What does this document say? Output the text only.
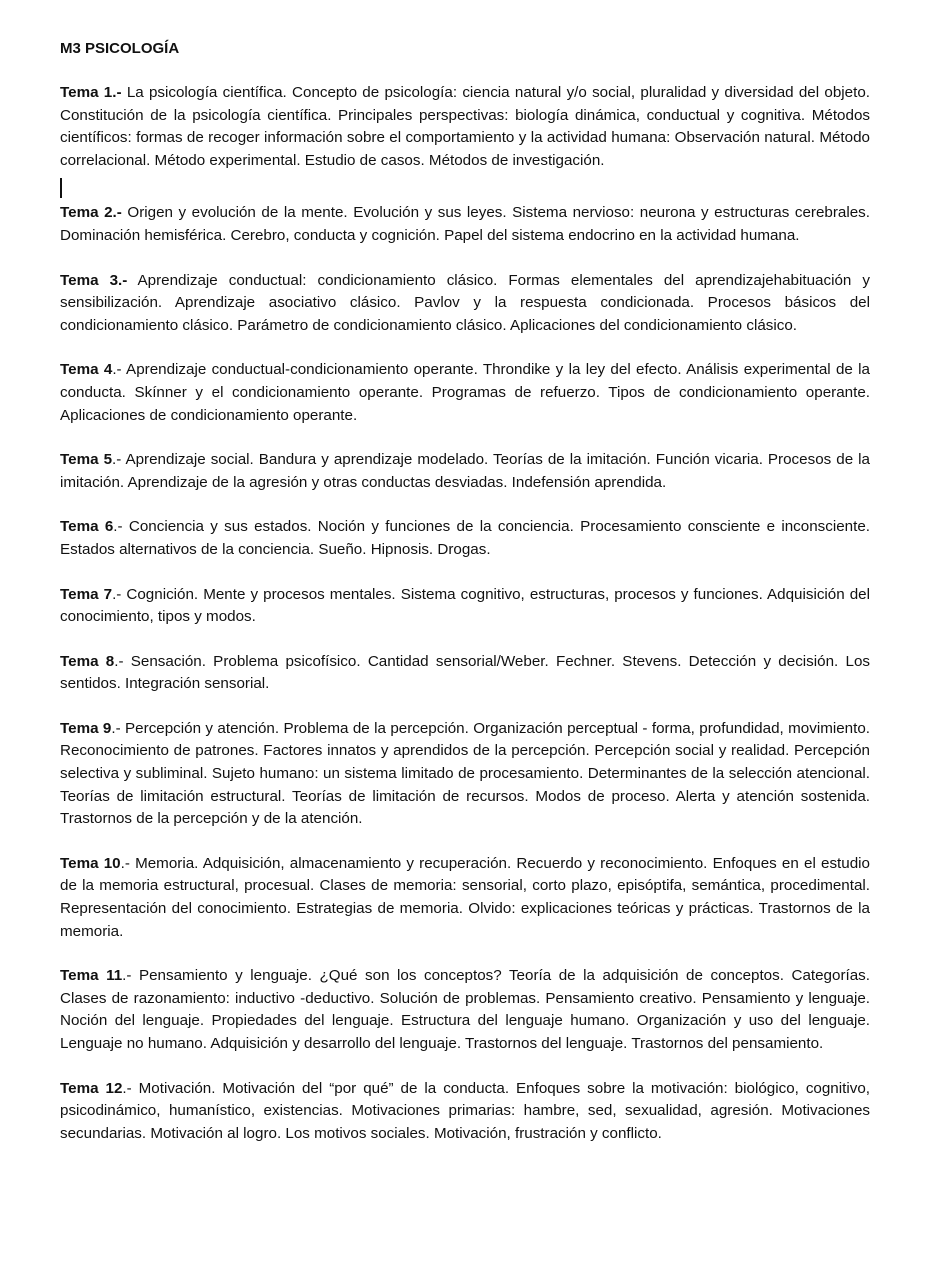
M3 PSICOLOGÍA

Tema 1.- La psicología científica. Concepto de psicología: ciencia natural y/o social, pluralidad y diversidad del objeto. Constitución de la psicología científica. Principales perspectivas: biología dinámica, conductual y cognitiva. Métodos científicos: formas de recoger información sobre el comportamiento y la actividad humana: Observación natural. Método correlacional. Método experimental. Estudio de casos. Métodos de investigación.

Tema 2.- Origen y evolución de la mente. Evolución y sus leyes. Sistema nervioso: neurona y estructuras cerebrales. Dominación hemisférica. Cerebro, conducta y cognición. Papel del sistema endocrino en la actividad humana.

Tema 3.- Aprendizaje conductual: condicionamiento clásico. Formas elementales del aprendizajehabituación y sensibilización. Aprendizaje asociativo clásico. Pavlov y la respuesta condicionada. Procesos básicos del condicionamiento clásico. Parámetro de condicionamiento clásico. Aplicaciones del condicionamiento clásico.

Tema 4.- Aprendizaje conductual-condicionamiento operante. Throndike y la ley del efecto. Análisis experimental de la conducta. Skínner y el condicionamiento operante. Programas de refuerzo. Tipos de condicionamiento operante. Aplicaciones de condicionamiento operante.

Tema 5.- Aprendizaje social. Bandura y aprendizaje modelado. Teorías de la imitación. Función vicaria. Procesos de la imitación. Aprendizaje de la agresión y otras conductas desviadas. Indefensión aprendida.

Tema 6.- Conciencia y sus estados. Noción y funciones de la conciencia. Procesamiento consciente e inconsciente. Estados alternativos de la conciencia. Sueño. Hipnosis. Drogas.

Tema 7.- Cognición. Mente y procesos mentales. Sistema cognitivo, estructuras, procesos y funciones. Adquisición del conocimiento, tipos y modos.

Tema 8.- Sensación. Problema psicofísico. Cantidad sensorial/Weber. Fechner. Stevens. Detección y decisión. Los sentidos. Integración sensorial.

Tema 9.- Percepción y atención. Problema de la percepción. Organización perceptual - forma, profundidad, movimiento. Reconocimiento de patrones. Factores innatos y aprendidos de la percepción. Percepción social y realidad. Percepción selectiva y subliminal. Sujeto humano: un sistema limitado de procesamiento. Determinantes de la selección atencional. Teorías de limitación estructural. Teorías de limitación de recursos. Modos de proceso. Alerta y atención sostenida. Trastornos de la percepción y de la atención.

Tema 10.- Memoria. Adquisición, almacenamiento y recuperación. Recuerdo y reconocimiento. Enfoques en el estudio de la memoria estructural, procesual. Clases de memoria: sensorial, corto plazo, episóptifa, semántica, procedimental. Representación del conocimiento. Estrategias de memoria. Olvido: explicaciones teóricas y prácticas. Trastornos de la memoria.

Tema 11.- Pensamiento y lenguaje. ¿Qué son los conceptos? Teoría de la adquisición de conceptos. Categorías. Clases de razonamiento: inductivo -deductivo. Solución de problemas. Pensamiento creativo. Pensamiento y lenguaje. Noción del lenguaje. Propiedades del lenguaje. Estructura del lenguaje humano. Organización y uso del lenguaje. Lenguaje no humano. Adquisición y desarrollo del lenguaje. Trastornos del lenguaje. Trastornos del pensamiento.

Tema 12.- Motivación. Motivación del “por qué” de la conducta. Enfoques sobre la motivación: biológico, cognitivo, psicodinámico, humanístico, existencias. Motivaciones primarias: hambre, sed, sexualidad, agresión. Motivaciones secundarias. Motivación al logro. Los motivos sociales. Motivación, frustración y conflicto.
